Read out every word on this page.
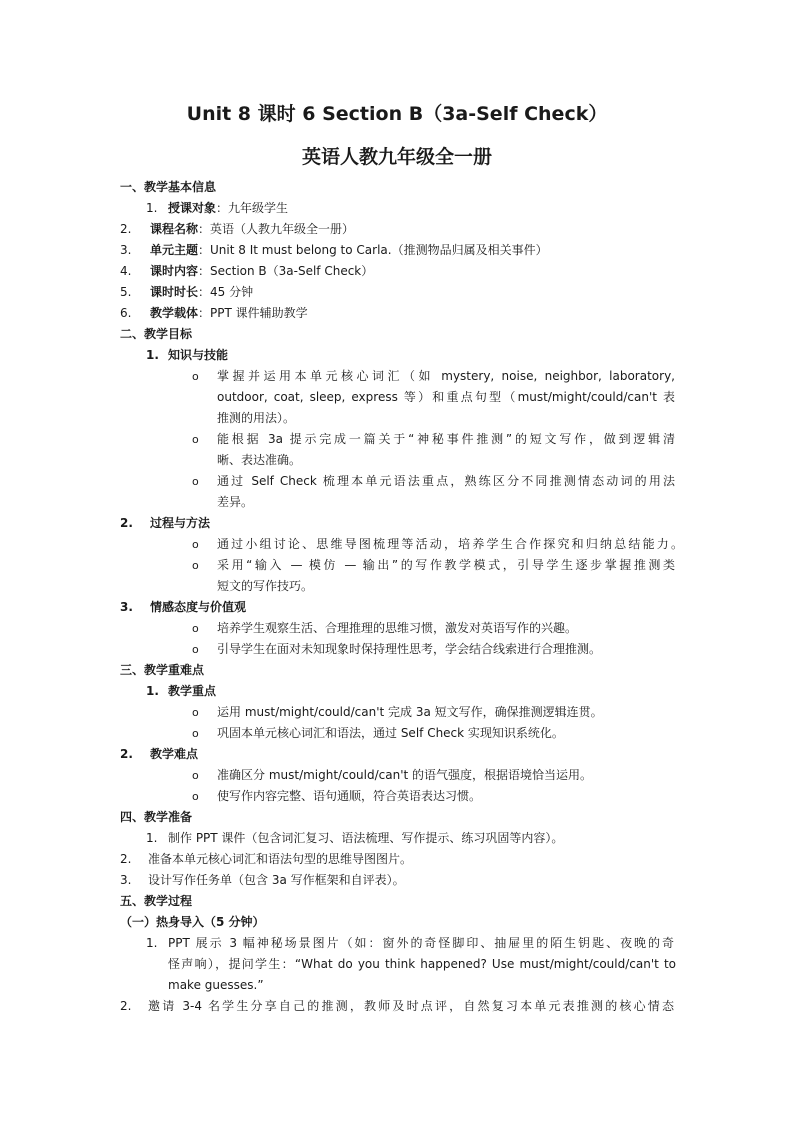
Unit 8 课时 6 Section B（3a-Self Check）
英语人教九年级全一册
一、教学基本信息
1. 授课对象：九年级学生
2. 课程名称：英语（人教九年级全一册）
3. 单元主题：Unit 8 It must belong to Carla.（推测物品归属及相关事件）
4. 课时内容：Section B（3a-Self Check）
5. 课时时长：45 分钟
6. 教学载体：PPT 课件辅助教学
二、教学目标
1. 知识与技能
o 掌握并运用本单元核心词汇（如 mystery, noise, neighbor, laboratory,
outdoor, coat, sleep, express 等）和重点句型（must/might/could/can't 表
推测的用法）。
o 能根据 3a 提示完成一篇关于“神秘事件推测”的短文写作，做到逻辑清
晰、表达准确。
o 通过 Self Check 梳理本单元语法重点，熟练区分不同推测情态动词的用法
差异。
2. 过程与方法
o 通过小组讨论、思维导图梳理等活动，培养学生合作探究和归纳总结能力。
o 采用“输入 — 模仿 — 输出”的写作教学模式，引导学生逐步掌握推测类
短文的写作技巧。
3. 情感态度与价值观
o 培养学生观察生活、合理推理的思维习惯，激发对英语写作的兴趣。
o 引导学生在面对未知现象时保持理性思考，学会结合线索进行合理推测。
三、教学重难点
1. 教学重点
o 运用 must/might/could/can't 完成 3a 短文写作，确保推测逻辑连贯。
o 巩固本单元核心词汇和语法，通过 Self Check 实现知识系统化。
2. 教学难点
o 准确区分 must/might/could/can't 的语气强度，根据语境恰当运用。
o 使写作内容完整、语句通顺，符合英语表达习惯。
四、教学准备
1. 制作 PPT 课件（包含词汇复习、语法梳理、写作提示、练习巩固等内容）。
2. 准备本单元核心词汇和语法句型的思维导图图片。
3. 设计写作任务单（包含 3a 写作框架和自评表）。
五、教学过程
（一）热身导入（5 分钟）
1. PPT 展示 3 幅神秘场景图片（如：窗外的奇怪脚印、抽屉里的陌生钥匙、夜晚的奇
怪声响），提问学生：“What do you think happened? Use must/might/could/can't to
make guesses.”
2. 邀请 3-4 名学生分享自己的推测，教师及时点评，自然复习本单元表推测的核心情态
